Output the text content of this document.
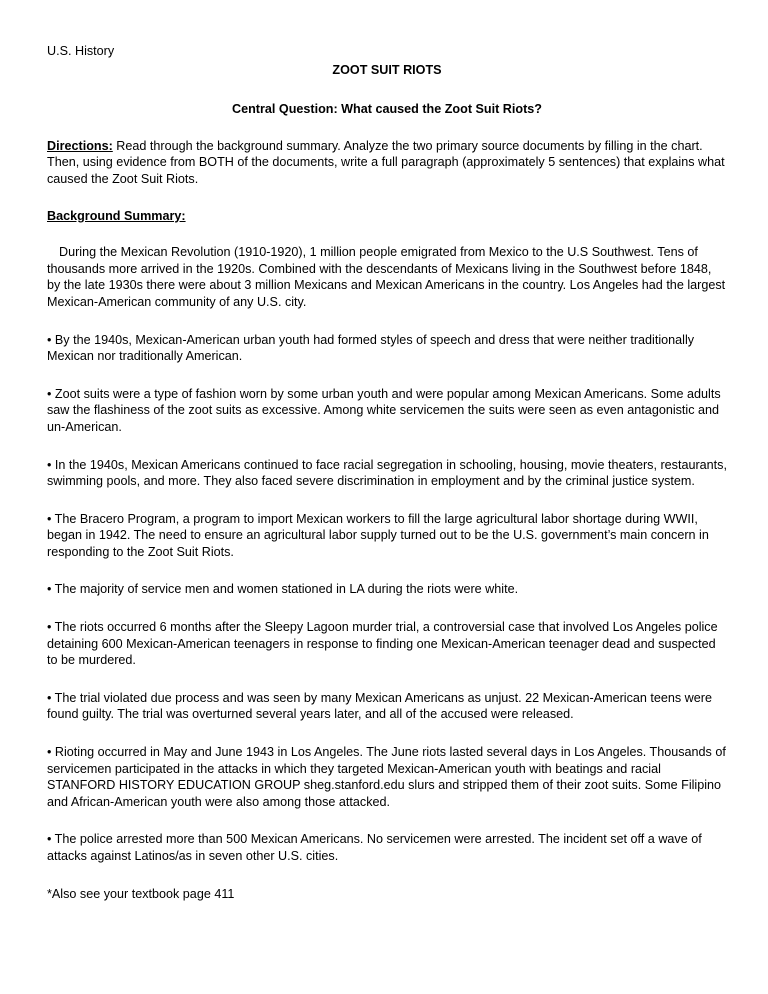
U.S. History

ZOOT SUIT RIOTS

Central Question: What caused the Zoot Suit Riots?

Directions: Read through the background summary. Analyze the two primary source documents by filling in the chart. Then, using evidence from BOTH of the documents, write a full paragraph (approximately 5 sentences) that explains what caused the Zoot Suit Riots.

Background Summary:

During the Mexican Revolution (1910-1920), 1 million people emigrated from Mexico to the U.S Southwest. Tens of thousands more arrived in the 1920s. Combined with the descendants of Mexicans living in the Southwest before 1848, by the late 1930s there were about 3 million Mexicans and Mexican Americans in the country. Los Angeles had the largest Mexican-American community of any U.S. city.

• By the 1940s, Mexican-American urban youth had formed styles of speech and dress that were neither traditionally Mexican nor traditionally American.

• Zoot suits were a type of fashion worn by some urban youth and were popular among Mexican Americans. Some adults saw the flashiness of the zoot suits as excessive. Among white servicemen the suits were seen as even antagonistic and un-American.

• In the 1940s, Mexican Americans continued to face racial segregation in schooling, housing, movie theaters, restaurants, swimming pools, and more. They also faced severe discrimination in employment and by the criminal justice system.

• The Bracero Program, a program to import Mexican workers to fill the large agricultural labor shortage during WWII, began in 1942. The need to ensure an agricultural labor supply turned out to be the U.S. government’s main concern in responding to the Zoot Suit Riots.

• The majority of service men and women stationed in LA during the riots were white.

• The riots occurred 6 months after the Sleepy Lagoon murder trial, a controversial case that involved Los Angeles police detaining 600 Mexican-American teenagers in response to finding one Mexican-American teenager dead and suspected to be murdered.

• The trial violated due process and was seen by many Mexican Americans as unjust. 22 Mexican-American teens were found guilty. The trial was overturned several years later, and all of the accused were released.

• Rioting occurred in May and June 1943 in Los Angeles. The June riots lasted several days in Los Angeles. Thousands of servicemen participated in the attacks in which they targeted Mexican-American youth with beatings and racial STANFORD HISTORY EDUCATION GROUP sheg.stanford.edu slurs and stripped them of their zoot suits. Some Filipino and African-American youth were also among those attacked.

• The police arrested more than 500 Mexican Americans. No servicemen were arrested. The incident set off a wave of attacks against Latinos/as in seven other U.S. cities.

*Also see your textbook page 411
